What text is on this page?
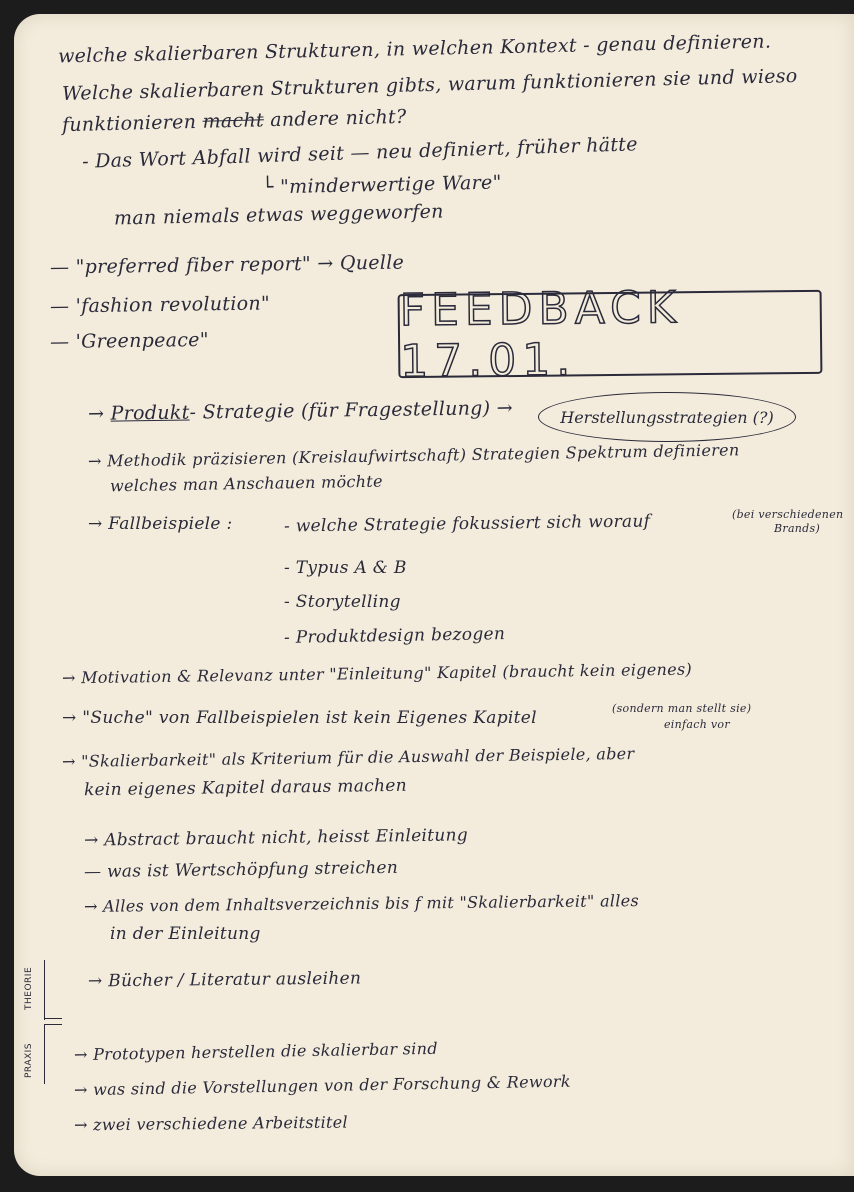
welche skalierbaren Strukturen, in welchen Kontext - genau definieren.
Welche skalierbaren Strukturen gibts, warum funktionieren sie und wieso
funktionieren macht andere nicht?
- Das Wort Abfall wird seit — neu definiert, früher hätte
└ "minderwertige Ware"
man niemals etwas weggeworfen
— "preferred fiber report" → Quelle
— 'fashion revolution"
— 'Greenpeace"
FEEDBACK 17.01.
→ Produkt- Strategie (für Fragestellung) →	Herstellungsstrategien (?)
→ Methodik präzisieren (Kreislaufwirtschaft) Strategien Spektrum definieren
welches man Anschauen möchte
→ Fallbeispiele :	- welche Strategie fokussiert sich worauf	(bei verschiedenen
Brands)
- Typus A & B
- Storytelling
- Produktdesign bezogen
→ Motivation & Relevanz unter "Einleitung" Kapitel (braucht kein eigenes)
→ "Suche" von Fallbeispielen ist kein Eigenes Kapitel	(sondern man stellt sie)
einfach vor
→ "Skalierbarkeit" als Kriterium für die Auswahl der Beispiele, aber
kein eigenes Kapitel daraus machen
→ Abstract braucht nicht, heisst Einleitung
— was ist Wertschöpfung streichen
→ Alles von dem Inhaltsverzeichnis bis f mit "Skalierbarkeit" alles
in der Einleitung
→ Bücher / Literatur ausleihen
THEORIE
PRAXIS → Prototypen herstellen die skalierbar sind
→ was sind die Vorstellungen von der Forschung & Rework
→ zwei verschiedene Arbeitstitel
